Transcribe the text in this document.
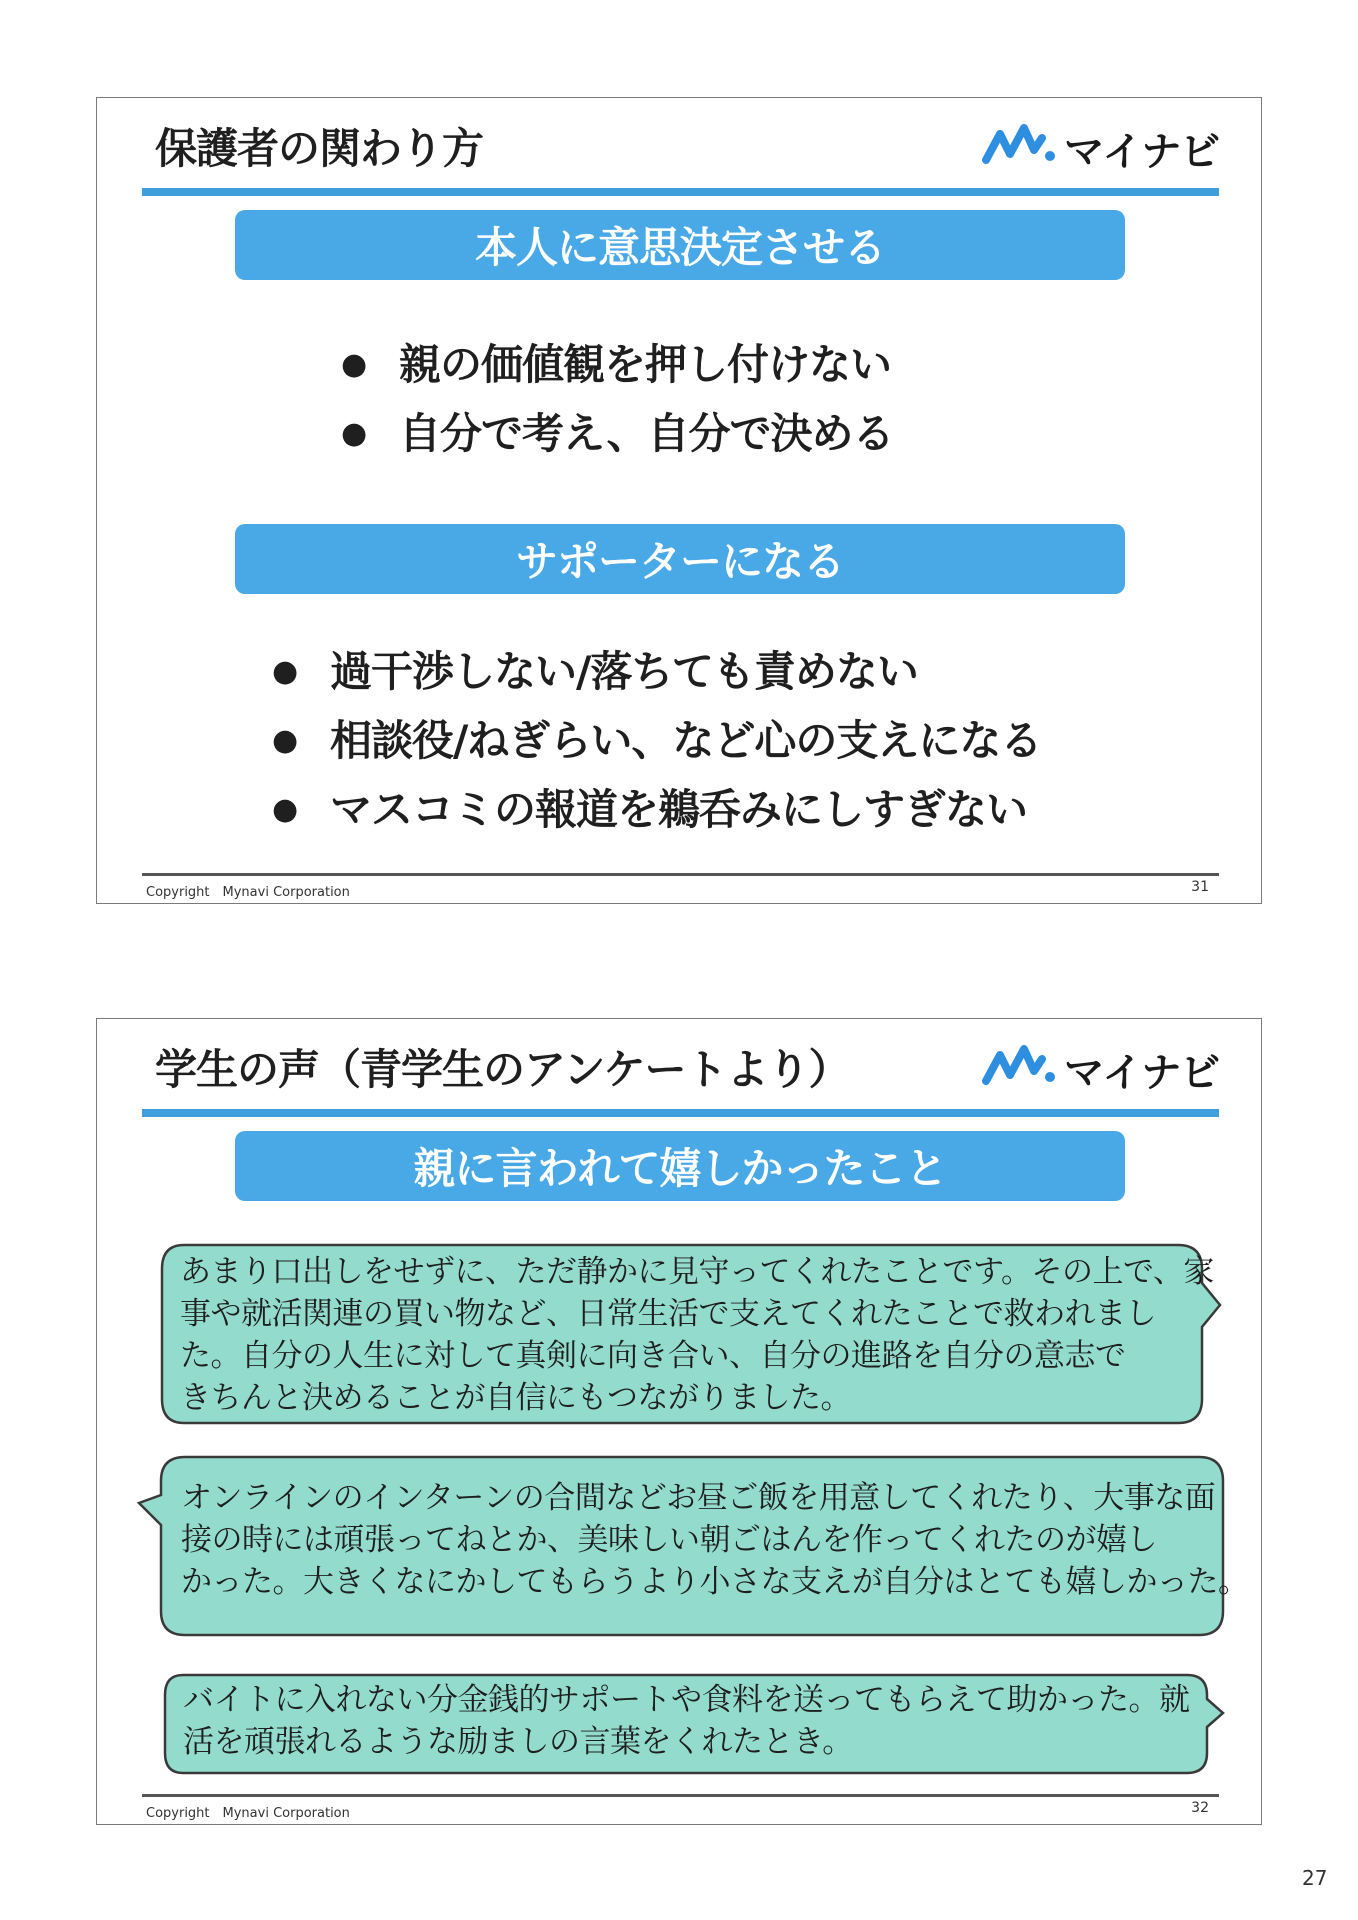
保護者の関わり方	マイナビ
本人に意思決定させる
● 親の価値観を押し付けない
● 自分で考え、自分で決める
サポーターになる
● 過干渉しない/落ちても責めない
● 相談役/ねぎらい、など心の支えになる
● マスコミの報道を鵜呑みにしすぎない
Copyright　Mynavi Corporation	31
学生の声（青学生のアンケートより）	マイナビ
親に言われて嬉しかったこと
あまり口出しをせずに、ただ静かに見守ってくれたことです。その上で、家
事や就活関連の買い物など、日常生活で支えてくれたことで救われまし
た。自分の人生に対して真剣に向き合い、自分の進路を自分の意志で
きちんと決めることが自信にもつながりました。
オンラインのインターンの合間などお昼ご飯を用意してくれたり、大事な面
接の時には頑張ってねとか、美味しい朝ごはんを作ってくれたのが嬉し
かった。大きくなにかしてもらうより小さな支えが自分はとても嬉しかった。
バイトに入れない分金銭的サポートや食料を送ってもらえて助かった。就
活を頑張れるような励ましの言葉をくれたとき。
Copyright　Mynavi Corporation	32
27
